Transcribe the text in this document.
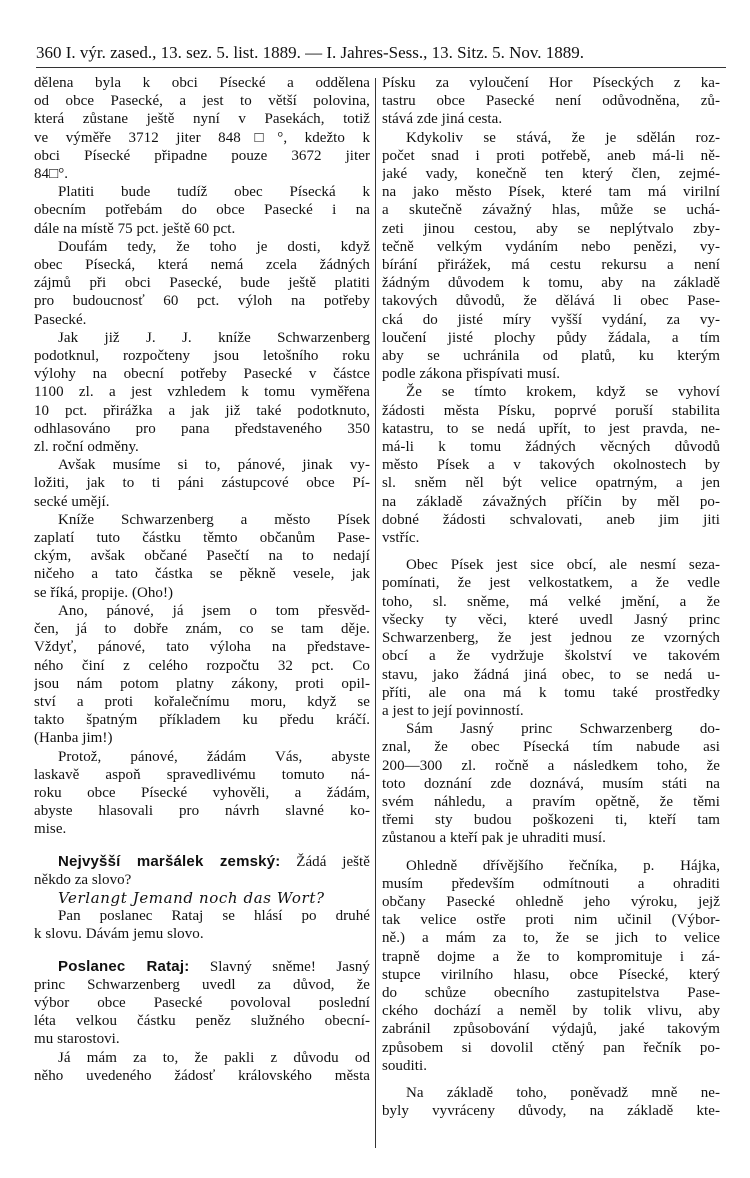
360 I. výr. zased., 13. sez. 5. list. 1889. — I. Jahres-Sess., 13. Sitz. 5. Nov. 1889.

dělena byla k obci Písecké a oddělena

od obce Pasecké, a jest to větší polovina,

která zůstane ještě nyní v Pasekách, totiž

ve výměře 3712 jiter 848□°, kdežto k

obci Písecké připadne pouze 3672 jiter

84□°.

Platiti bude tudíž obec Písecká k

obecním potřebám do obce Pasecké i na

dále na místě 75 pct. ještě 60 pct.

Doufám tedy, že toho je dosti, když

obec Písecká, která nemá zcela žádných

zájmů při obci Pasecké, bude ještě platiti

pro budoucnosť 60 pct. výloh na potřeby

Pasecké.

Jak již J. J. kníže Schwarzenberg

podotknul, rozpočteny jsou letošního roku

výlohy na obecní potřeby Pasecké v částce

1100 zl. a jest vzhledem k tomu vyměřena

10 pct. přirážka a jak již také podotknuto,

odhlasováno pro pana představeného 350

zl. roční odměny.

Avšak musíme si to, pánové, jinak vy-

ložiti, jak to ti páni zástupcové obce Pí-

secké umějí.

Kníže Schwarzenberg a město Písek

zaplatí tuto částku těmto občanům Pase-

ckým, avšak občané Pasečtí na to nedají

ničeho a tato částka se pěkně vesele, jak

se říká, propije. (Oho!)

Ano, pánové, já jsem o tom přesvěd-

čen, já to dobře znám, co se tam děje.

Vždyť, pánové, tato výloha na představe-

ného činí z celého rozpočtu 32 pct. Co

jsou nám potom platny zákony, proti opil-

ství a proti kořalečnímu moru, když se

takto špatným příkladem ku předu kráčí.

(Hanba jim!)

Protož, pánové, žádám Vás, abyste

laskavě aspoň spravedlivému tomuto ná-

roku obce Písecké vyhověli, a žádám,

abyste hlasovali pro návrh slavné ko-

mise.

Nejvyšší maršálek zemský: Žádá ještě

někdo za slovo?

Verlangt Jemand noch das Wort?

Pan poslanec Rataj se hlásí po druhé

k slovu. Dávám jemu slovo.

Poslanec Rataj: Slavný sněme! Jasný

princ Schwarzenberg uvedl za důvod, že

výbor obce Pasecké povoloval poslední

léta velkou částku peněz služného obecní-

mu starostovi.

Já mám za to, že pakli z důvodu od

něho uvedeného žádosť královského města

Písku za vyloučení Hor Píseckých z ka-

tastru obce Pasecké není odůvodněna, zů-

stává zde jiná cesta.

Kdykoliv se stává, že je sdělán roz-

počet snad i proti potřebě, aneb má-li ně-

jaké vady, konečně ten který člen, zejmé-

na jako město Písek, které tam má virilní

a skutečně závažný hlas, může se uchá-

zeti jinou cestou, aby se neplýtvalo zby-

tečně velkým vydáním nebo penězi, vy-

bírání přirážek, má cestu rekursu a není

žádným důvodem k tomu, aby na základě

takových důvodů, že dělává li obec Pase-

cká do jisté míry vyšší vydání, za vy-

loučení jisté plochy půdy žádala, a tím

aby se uchránila od platů, ku kterým

podle zákona přispívati musí.

Že se tímto krokem, když se vyhoví

žádosti města Písku, poprvé poruší stabilita

katastru, to se nedá upřít, to jest pravda, ne-

má-li k tomu žádných věcných důvodů

město Písek a v takových okolnostech by

sl. sněm něl být velice opatrným, a jen

na základě závažných příčin by měl po-

dobné žádosti schvalovati, aneb jim jiti

vstříc.

Obec Písek jest sice obcí, ale nesmí seza-

pomínati, že jest velkostatkem, a že vedle

toho, sl. sněme, má velké jmění, a že

všecky ty věci, které uvedl Jasný princ

Schwarzenberg, že jest jednou ze vzorných

obcí a že vydržuje školství ve takovém

stavu, jako žádná jiná obec, to se nedá u-

příti, ale ona má k tomu také prostředky

a jest to její povinností.

Sám Jasný princ Schwarzenberg do-

znal, že obec Písecká tím nabude asi

200—300 zl. ročně a následkem toho, že

toto doznání zde doznává, musím státi na

svém náhledu, a pravím opětně, že těmi

třemi sty budou poškozeni ti, kteří tam

zůstanou a kteří pak je uhraditi musí.

Ohledně dřívějšího řečníka, p. Hájka,

musím především odmítnouti a ohraditi

občany Pasecké ohledně jeho výroku, jejž

tak velice ostře proti nim učinil (Výbor-

ně.) a mám za to, že se jich to velice

trapně dojme a že to kompromituje i zá-

stupce virilního hlasu, obce Písecké, který

do schůze obecního zastupitelstva Pase-

ckého dochází a neměl by tolik vlivu, aby

zabránil způsobování výdajů, jaké takovým

způsobem si dovolil ctěný pan řečník po-

souditi.

Na základě toho, poněvadž mně ne-

byly vyvráceny důvody, na základě kte-
